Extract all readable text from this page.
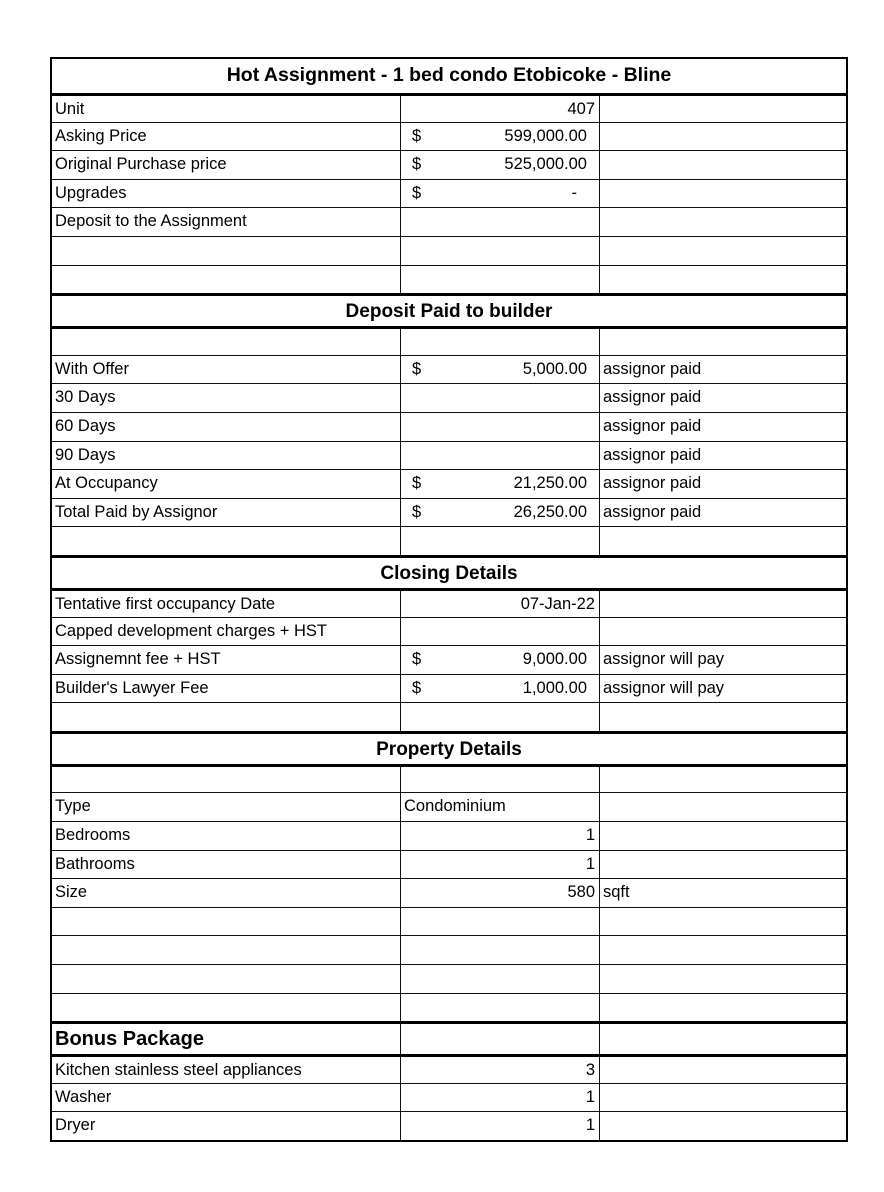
Hot Assignment - 1 bed condo Etobicoke - Bline
Unit	407
Asking Price	$	599,000.00
Original Purchase price	$	525,000.00
Upgrades	$	-
Deposit to the Assignment
Deposit Paid to builder
With Offer	$	5,000.00 assignor paid
30 Days	assignor paid
60 Days	assignor paid
90 Days	assignor paid
At Occupancy	$	21,250.00 assignor paid
Total Paid by Assignor	$	26,250.00 assignor paid
Closing Details
Tentative first occupancy Date	07-Jan-22
Capped development charges + HST
Assignemnt fee + HST	$	9,000.00 assignor will pay
Builder's Lawyer Fee	$	1,000.00 assignor will pay
Property Details
Type	Condominium
Bedrooms	1
Bathrooms	1
Size	580 sqft
Bonus Package
Kitchen stainless steel appliances	3
Washer	1
Dryer	1
